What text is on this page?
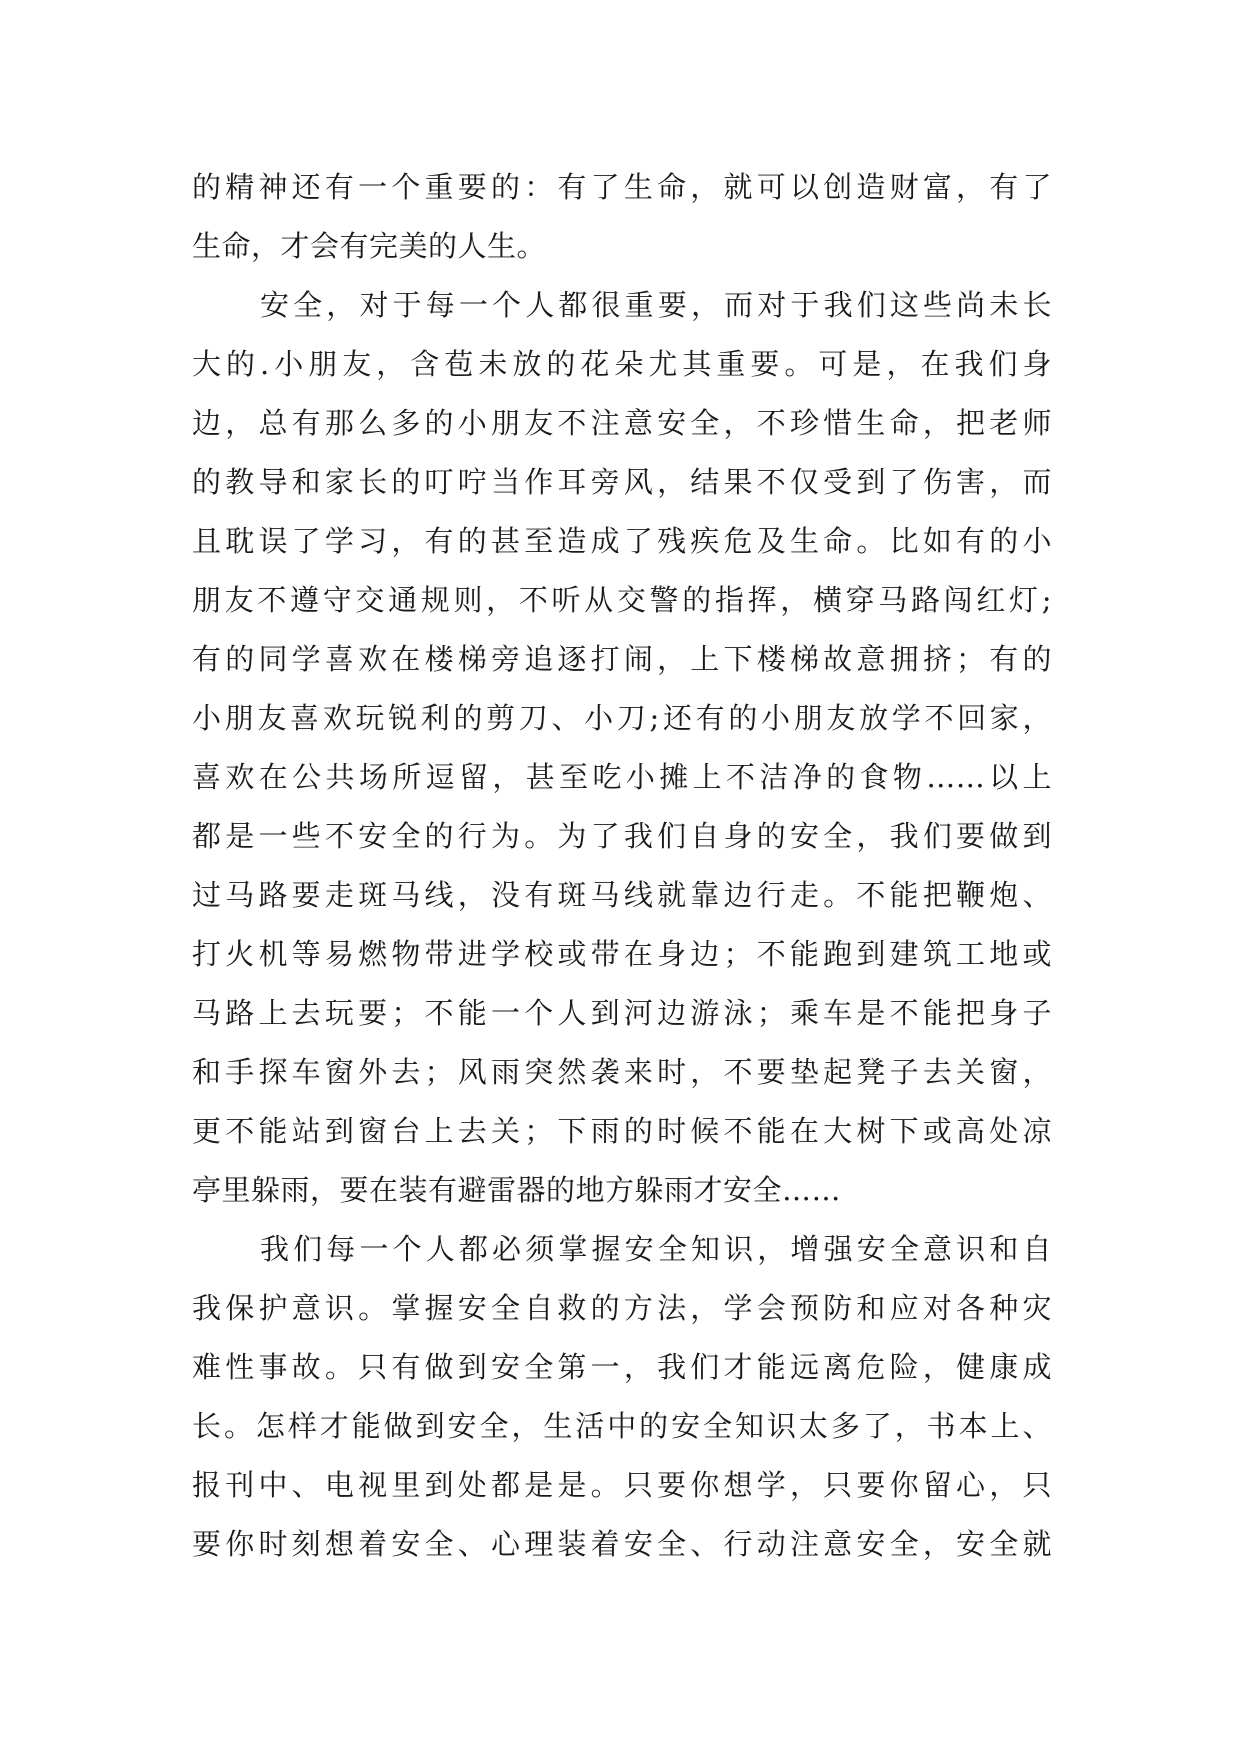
的精神还有一个重要的：有了生命，就可以创造财富，有了
生命，才会有完美的人生。
安全，对于每一个人都很重要，而对于我们这些尚未长
大的.小朋友，含苞未放的花朵尤其重要。可是，在我们身
边，总有那么多的小朋友不注意安全，不珍惜生命，把老师
的教导和家长的叮咛当作耳旁风，结果不仅受到了伤害，而
且耽误了学习，有的甚至造成了残疾危及生命。比如有的小
朋友不遵守交通规则，不听从交警的指挥，横穿马路闯红灯;
有的同学喜欢在楼梯旁追逐打闹，上下楼梯故意拥挤；有的
小朋友喜欢玩锐利的剪刀、小刀;还有的小朋友放学不回家，
喜欢在公共场所逗留，甚至吃小摊上不洁净的食物……以上
都是一些不安全的行为。为了我们自身的安全，我们要做到
过马路要走斑马线，没有斑马线就靠边行走。不能把鞭炮、
打火机等易燃物带进学校或带在身边；不能跑到建筑工地或
马路上去玩要；不能一个人到河边游泳；乘车是不能把身子
和手探车窗外去；风雨突然袭来时，不要垫起凳子去关窗，
更不能站到窗台上去关；下雨的时候不能在大树下或高处凉
亭里躲雨，要在装有避雷器的地方躲雨才安全……
我们每一个人都必须掌握安全知识，增强安全意识和自
我保护意识。掌握安全自救的方法，学会预防和应对各种灾
难性事故。只有做到安全第一，我们才能远离危险，健康成
长。怎样才能做到安全，生活中的安全知识太多了，书本上、
报刊中、电视里到处都是是。只要你想学，只要你留心，只
要你时刻想着安全、心理装着安全、行动注意安全，安全就
